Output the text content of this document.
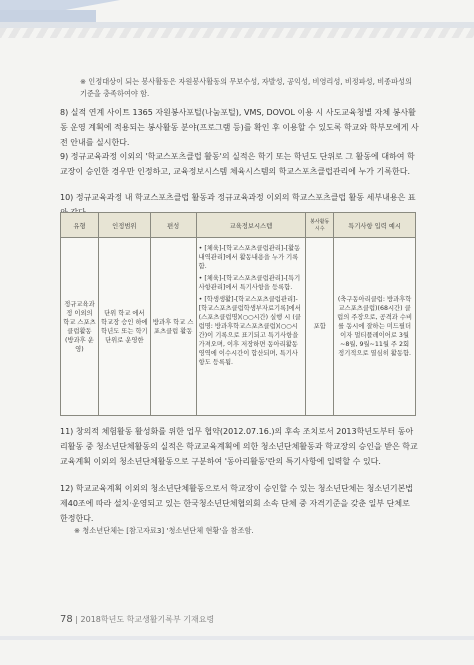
※ 인정대상이 되는 봉사활동은 자원봉사활동의 무보수성, 자발성, 공익성, 비영리성, 비정파성, 비종파성의 기준을 충족하여야 함.
8) 실적 연계 사이트 1365 자원봉사포털(나눔포털), VMS, DOVOL 이용 시 사도교육청별 자체 봉사활동 운영 계획에 적용되는 봉사활동 분야(프로그램 등)를 확인 후 이용할 수 있도록 학교와 학부모에게 사전 안내를 실시한다.
9) 정규교육과정 이외의 '학교스포츠클럽 활동'의 실적은 학기 또는 학년도 단위로 그 활동에 대하여 학교장이 승인한 경우만 인정하고, 교육정보시스템 체육시스템의 학교스포츠클럽관리에 누가 기록한다.
10) 정규교육과정 내 학교스포츠클럽 활동과 정규교육과정 이외의 학교스포츠클럽 활동 세부내용은 표
유형	인정범위	편성	교육정보시스템	봉사활동 시수	특기사항 입력 예시
정규교육과정 이외의 학교 스포츠 클럽활동 (방과후 운영)	단위 학교 에서 학교장 승인 하에 학년도 또는 학기단위로 운영한	방과후 학교 스포츠클럽 활동	• [체육]-[학교스포츠클럽관리]-[활동내역관리]에서 활동내용을 누가 기록함.
• [체육]-[학교스포츠클럽관리]-[특기사항관리]에서 특기사항을 등록함.
• [학생생활]-[학교스포츠클럽관리]-[학교스포츠클럽학생부자료기록]에서 (스포츠클럽명)(○○시간) 실행 시 (클럽명: 방과후학교스포츠클럽)(○○시간)이 기록으로 표기되고 특기사항을 가져오며, 이후 저장하면 동아리활동 영역에 이수시간이 합산되며, 특기사항도 등록됨.	포함	(축구동아리클럽: 방과후학교스포츠클럽)(68시간) 클럽의 주장으로, 공격과 수비를 동시에 잘하는 미드필더이자 멀티플레이어로 3월~8월, 9월~11월 주 2회 정기적으로 열심히 활동함.
11) 창의적 체험활동 활성화를 위한 업무 협약(2012.07.16.)의 후속 조치로서 2013학년도부터 동아리활동 중 청소년단체활동의 실적은 학교교육계획에 의한 청소년단체활동과 학교장의 승인을 받은 학교교육계획 이외의 청소년단체활동으로 구분하여 '동아리활동'란의 특기사항에 입력할 수 있다.
12) 학교교육계획 이외의 청소년단체활동으로서 학교장이 승인할 수 있는 청소년단체는 청소년기본법 제40조에 따라 설치·운영되고 있는 한국청소년단체협의회 소속 단체 중 자격기준을 갖춘 일부 단체로 한정한다.
※ 청소년단체는 [참고자료3] '청소년단체 현황'을 참조함.
78 | 2018학년도 학교생활기록부 기재요령
